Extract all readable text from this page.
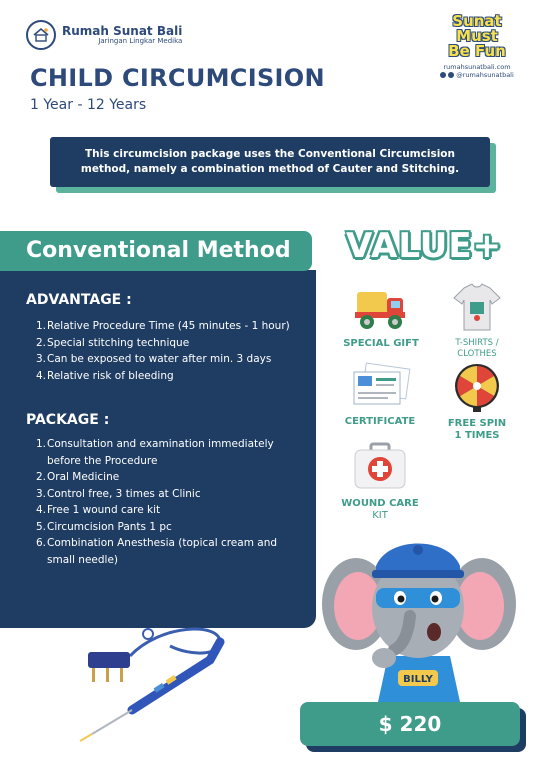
Rumah Sunat Bali
Jaringan Lingkar Medika
Sunat
Must
Be Fun
rumahsunatbali.com
@rumahsunatbali
CHILD CIRCUMCISION
1 Year - 12 Years
This circumcision package uses the Conventional Circumcision
method, namely a combination method of Cauter and Stitching.
Conventional Method
ADVANTAGE :
1. Relative Procedure Time (45 minutes - 1 hour)
2. Special stitching technique
3. Can be exposed to water after min. 3 days
4. Relative risk of bleeding
PACKAGE :
1. Consultation and examination immediately before the Procedure
2. Oral Medicine
3. Control free, 3 times at Clinic
4. Free 1 wound care kit
5. Circumcision Pants 1 pc
6. Combination Anesthesia (topical cream and small needle)
VALUE+
SPECIAL GIFT	T-SHIRTS /
CLOTHES
CERTIFICATE	FREE SPIN
1 TIMES
WOUND CARE
KIT
BILLY
$ 220
